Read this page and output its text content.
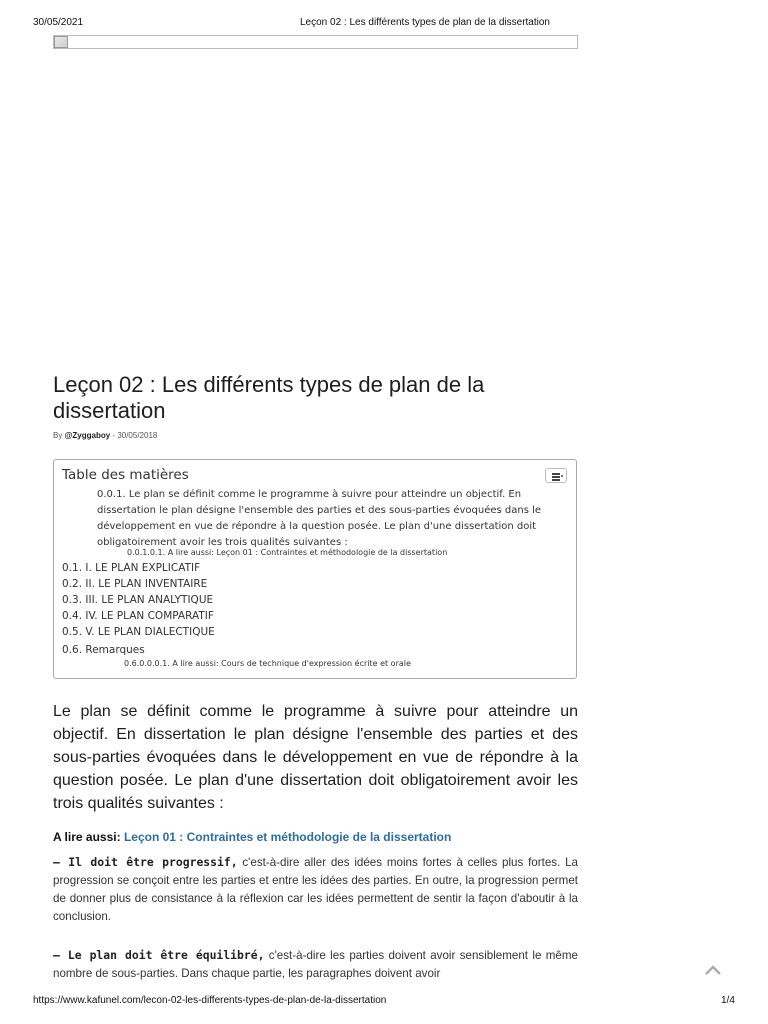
30/05/2021	Leçon 02 : Les différents types de plan de la dissertation
Leçon 02 : Les différents types de plan de la dissertation
By @Zyggaboy - 30/05/2018
Table des matières
0.0.1. Le plan se définit comme le programme à suivre pour atteindre un objectif. En dissertation le plan désigne l'ensemble des parties et des sous-parties évoquées dans le développement en vue de répondre à la question posée. Le plan d'une dissertation doit obligatoirement avoir les trois qualités suivantes :
0.0.1.0.1. A lire aussi: Leçon 01 : Contraintes et méthodologie de la dissertation
0.1. I. LE PLAN EXPLICATIF
0.2. II. LE PLAN INVENTAIRE
0.3. III. LE PLAN ANALYTIQUE
0.4. IV. LE PLAN COMPARATIF
0.5. V. LE PLAN DIALECTIQUE
0.6. Remarques
0.6.0.0.0.1. A lire aussi: Cours de technique d'expression écrite et orale

Le plan se définit comme le programme à suivre pour atteindre un objectif. En dissertation le plan désigne l'ensemble des parties et des sous-parties évoquées dans le développement en vue de répondre à la question posée. Le plan d'une dissertation doit obligatoirement avoir les trois qualités suivantes :

A lire aussi: Leçon 01 : Contraintes et méthodologie de la dissertation

– Il doit être progressif, c'est-à-dire aller des idées moins fortes à celles plus fortes. La progression se conçoit entre les parties et entre les idées des parties. En outre, la progression permet de donner plus de consistance à la réflexion car les idées permettent de sentir la façon d'aboutir à la conclusion.

– Le plan doit être équilibré, c'est-à-dire les parties doivent avoir sensiblement le même nombre de sous-parties. Dans chaque partie, les paragraphes doivent avoir

https://www.kafunel.com/lecon-02-les-differents-types-de-plan-de-la-dissertation	1/4
